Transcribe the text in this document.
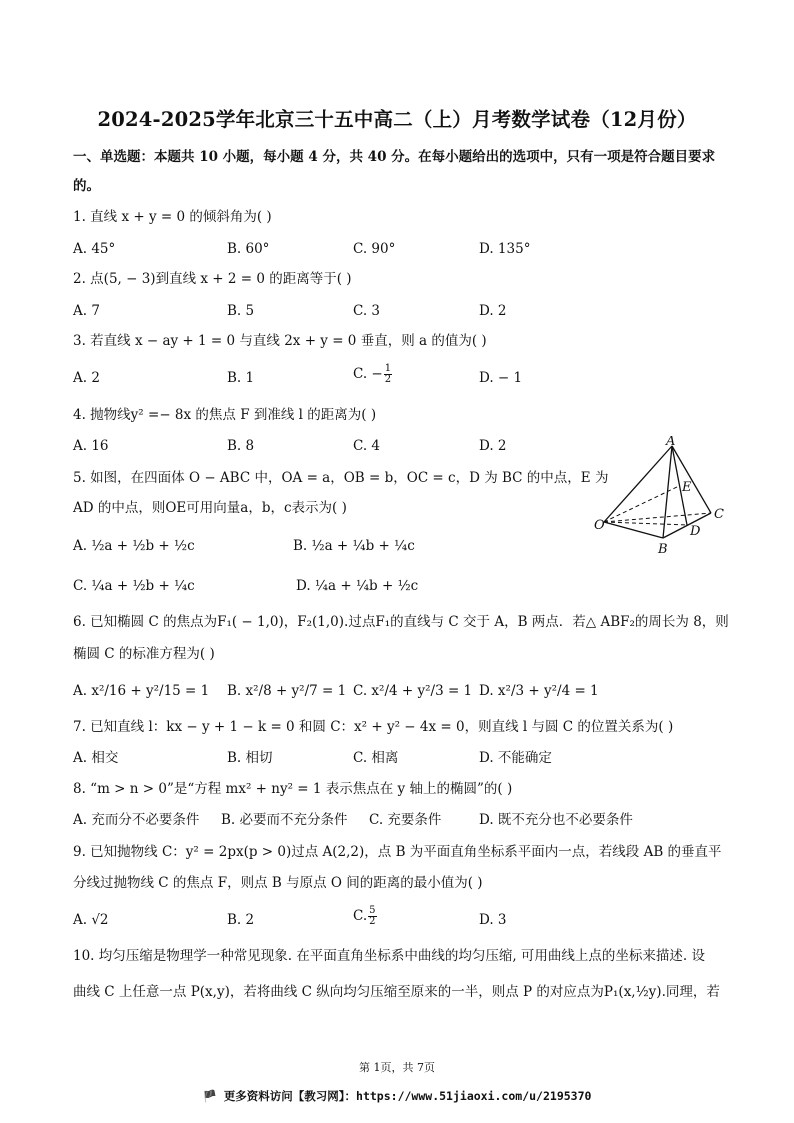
2024-2025学年北京三十五中高二（上）月考数学试卷（12月份）
一、单选题：本题共 10 小题，每小题 4 分，共 40 分。在每小题给出的选项中，只有一项是符合题目要求
的。
1. 直线 x + y = 0 的倾斜角为( )
A. 45°	B. 60°	C. 90°	D. 135°
2. 点(5, − 3)到直线 x + 2 = 0 的距离等于( )
A. 7	B. 5	C. 3	D. 2
3. 若直线 x − ay + 1 = 0 与直线 2x + y = 0 垂直，则 a 的值为( )
A. 2	B. 1	C. − $\frac{1}{2}$	D. − 1
4. 抛物线y² =− 8x 的焦点 F 到准线 l 的距离为( )
A. 16	B. 8	C. 4	D. 2
5. 如图，在四面体 O − ABC 中，OA = a，OB = b，OC = c，D 为 BC 的中点，E 为
AD 的中点，则OE可用向量a，b，c表示为( )
A. ½a + ½b + ½c	B. ½a + ¼b + ¼c
C. ¼a + ½b + ¼c	D. ¼a + ¼b + ½c
A
E
C
O	D
B
6. 已知椭圆 C 的焦点为F₁( − 1,0)，F₂(1,0).过点F₁的直线与 C 交于 A，B 两点．若△ ABF₂的周长为 8，则
椭圆 C 的标准方程为( )
A. x²/16 + y²/15 = 1 B. x²/8 + y²/7 = 1 C. x²/4 + y²/3 = 1 D. x²/3 + y²/4 = 1
7. 已知直线 l：kx − y + 1 − k = 0 和圆 C：x² + y² − 4x = 0，则直线 l 与圆 C 的位置关系为( )
A. 相交	B. 相切	C. 相离	D. 不能确定
8. “m > n > 0”是“方程 mx² + ny² = 1 表示焦点在 y 轴上的椭圆”的( )
A. 充而分不必要条件 B. 必要而不充分条件 C. 充要条件	D. 既不充分也不必要条件
9. 已知抛物线 C：y² = 2px(p > 0)过点 A(2,2)，点 B 为平面直角坐标系平面内一点，若线段 AB 的垂直平
分线过抛物线 C 的焦点 F，则点 B 与原点 O 间的距离的最小值为( )
A. √2	B. 2	C. $\frac{5}{2}$	D. 3
10. 均匀压缩是物理学一种常见现象. 在平面直角坐标系中曲线的均匀压缩, 可用曲线上点的坐标来描述. 设
曲线 C 上任意一点 P(x,y)，若将曲线 C 纵向均匀压缩至原来的一半，则点 P 的对应点为P₁(x,½y).同理，若
第 1页，共 7页
🏴 更多资料访问【教习网】：https://www.51jiaoxi.com/u/2195370
